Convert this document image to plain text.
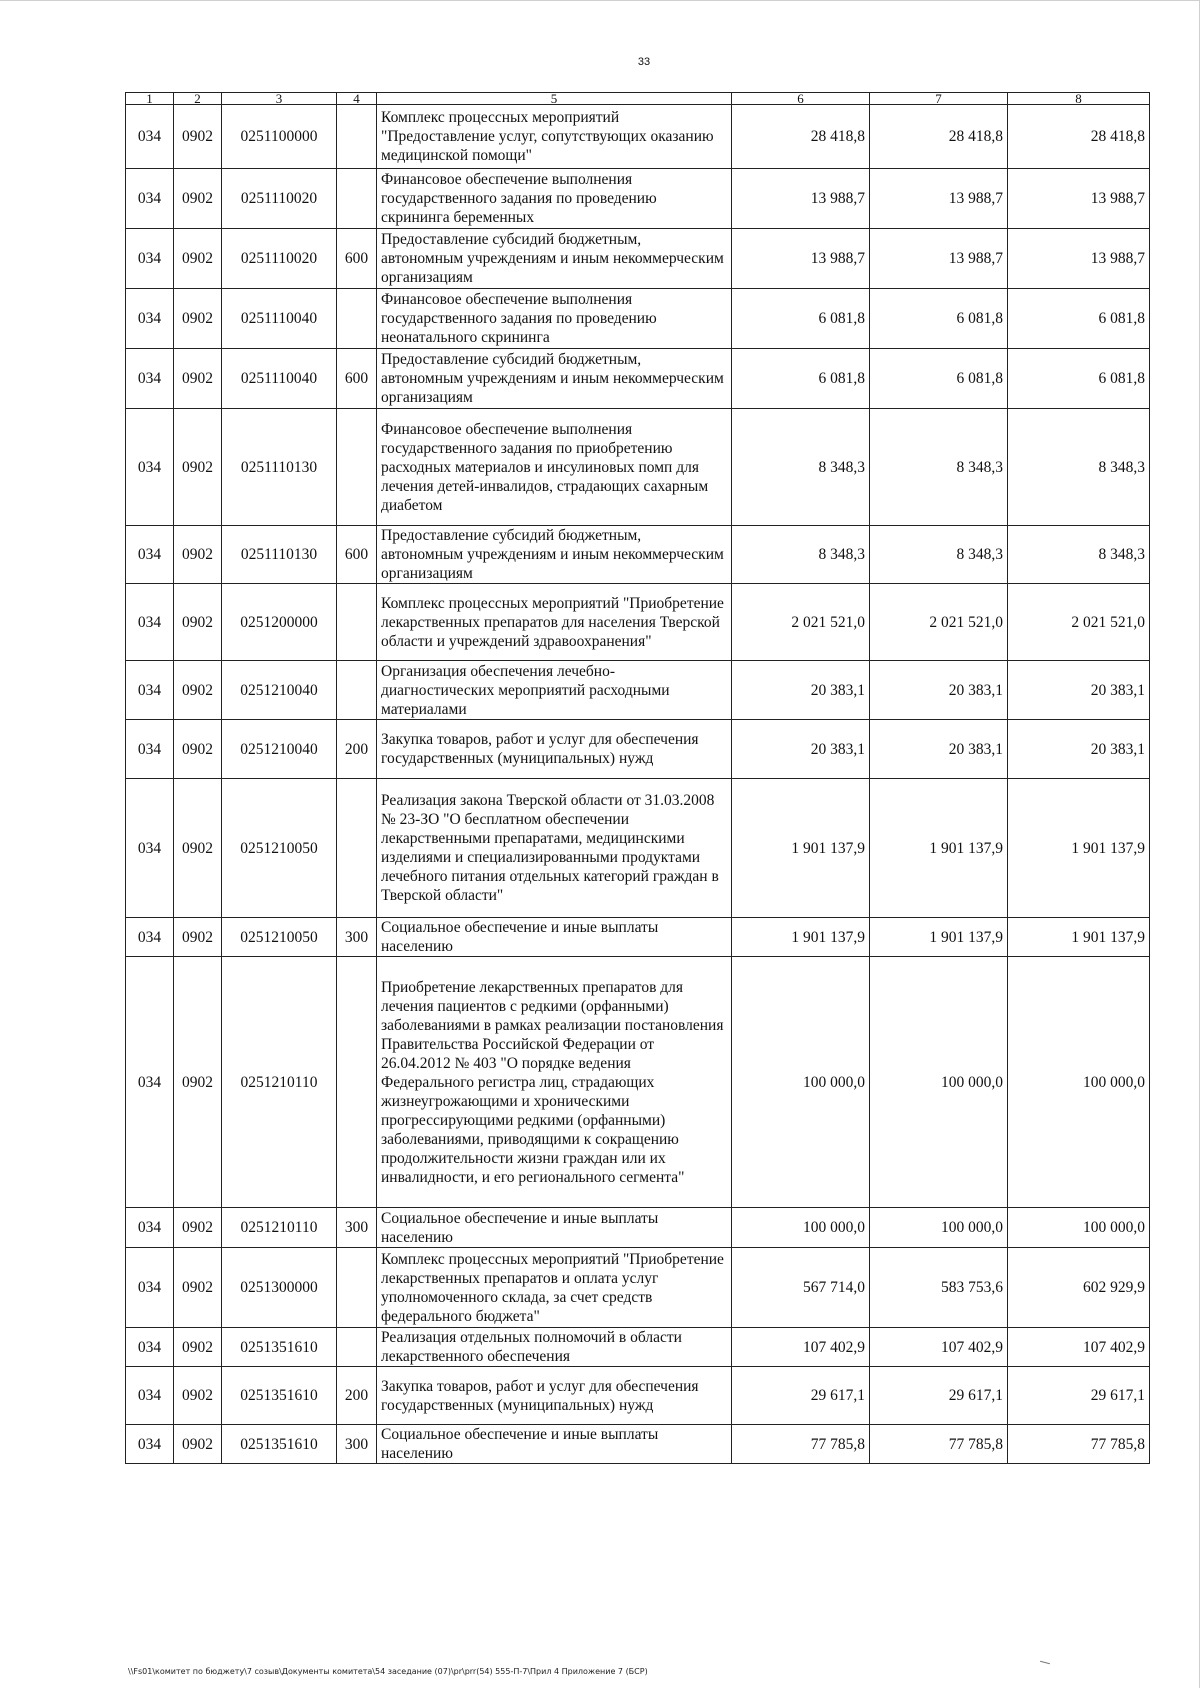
33
1	2	3	4	5	6	7	8
034	0902	0251100000		Комплекс процессных мероприятий "Предоставление услуг, сопутствующих оказанию медицинской помощи"	28 418,8	28 418,8	28 418,8
034	0902	0251110020		Финансовое обеспечение выполнения государственного задания по проведению скрининга беременных	13 988,7	13 988,7	13 988,7
034	0902	0251110020	600	Предоставление субсидий бюджетным, автономным учреждениям и иным некоммерческим организациям	13 988,7	13 988,7	13 988,7
034	0902	0251110040		Финансовое обеспечение выполнения государственного задания по проведению неонатального скрининга	6 081,8	6 081,8	6 081,8
034	0902	0251110040	600	Предоставление субсидий бюджетным, автономным учреждениям и иным некоммерческим организациям	6 081,8	6 081,8	6 081,8
034	0902	0251110130		Финансовое обеспечение выполнения государственного задания по приобретению расходных материалов и инсулиновых помп для лечения детей-инвалидов, страдающих сахарным диабетом	8 348,3	8 348,3	8 348,3
034	0902	0251110130	600	Предоставление субсидий бюджетным, автономным учреждениям и иным некоммерческим организациям	8 348,3	8 348,3	8 348,3
034	0902	0251200000		Комплекс процессных мероприятий "Приобретение лекарственных препаратов для населения Тверской области и учреждений здравоохранения"	2 021 521,0	2 021 521,0	2 021 521,0
034	0902	0251210040		Организация обеспечения лечебно-диагностических мероприятий расходными материалами	20 383,1	20 383,1	20 383,1
034	0902	0251210040	200	Закупка товаров, работ и услуг для обеспечения государственных (муниципальных) нужд	20 383,1	20 383,1	20 383,1
034	0902	0251210050		Реализация закона Тверской области от 31.03.2008 № 23-ЗО "О бесплатном обеспечении лекарственными препаратами, медицинскими изделиями и специализированными продуктами лечебного питания отдельных категорий граждан в Тверской области"	1 901 137,9	1 901 137,9	1 901 137,9
034	0902	0251210050	300	Социальное обеспечение и иные выплаты населению	1 901 137,9	1 901 137,9	1 901 137,9
034	0902	0251210110		Приобретение лекарственных препаратов для лечения пациентов с редкими (орфанными) заболеваниями в рамках реализации постановления Правительства Российской Федерации от 26.04.2012 № 403 "О порядке ведения Федерального регистра лиц, страдающих жизнеугрожающими и хроническими прогрессирующими редкими (орфанными) заболеваниями, приводящими к сокращению продолжительности жизни граждан или их инвалидности, и его регионального сегмента"	100 000,0	100 000,0	100 000,0
034	0902	0251210110	300	Социальное обеспечение и иные выплаты населению	100 000,0	100 000,0	100 000,0
034	0902	0251300000		Комплекс процессных мероприятий "Приобретение лекарственных препаратов и оплата услуг уполномоченного склада, за счет средств федерального бюджета"	567 714,0	583 753,6	602 929,9
034	0902	0251351610		Реализация отдельных полномочий в области лекарственного обеспечения	107 402,9	107 402,9	107 402,9
034	0902	0251351610	200	Закупка товаров, работ и услуг для обеспечения государственных (муниципальных) нужд	29 617,1	29 617,1	29 617,1
034	0902	0251351610	300	Социальное обеспечение и иные выплаты населению	77 785,8	77 785,8	77 785,8
\\Fs01\комитет по бюджету\7 созыв\Документы комитета\54 заседание (07)\pr\prr(54) 555-П-7\Прил 4 Приложение 7 (БСР)
